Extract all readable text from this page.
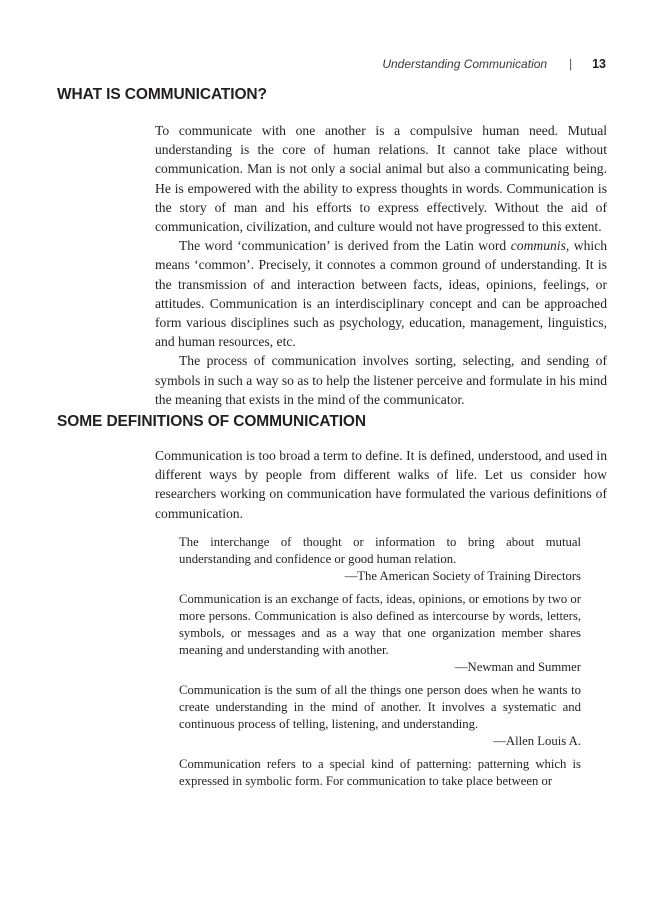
Understanding Communication | 13
WHAT IS COMMUNICATION?

To communicate with one another is a compulsive human need. Mutual understanding is the core of human relations. It cannot take place without communication. Man is not only a social animal but also a communicating being. He is empowered with the ability to express thoughts in words. Communication is the story of man and his efforts to express effectively. Without the aid of communication, civilization, and culture would not have progressed to this extent.

The word ‘communication’ is derived from the Latin word communis, which means ‘common’. Precisely, it connotes a common ground of understanding. It is the transmission of and interaction between facts, ideas, opinions, feelings, or attitudes. Communication is an interdisciplinary concept and can be approached form various disciplines such as psychology, education, management, linguistics, and human resources, etc.

The process of communication involves sorting, selecting, and sending of symbols in such a way so as to help the listener perceive and formulate in his mind the meaning that exists in the mind of the communicator.

SOME DEFINITIONS OF COMMUNICATION

Communication is too broad a term to define. It is defined, understood, and used in different ways by people from different walks of life. Let us consider how researchers working on communication have formulated the various definitions of communication.

The interchange of thought or information to bring about mutual understanding and confidence or good human relation.

—The American Society of Training Directors

Communication is an exchange of facts, ideas, opinions, or emotions by two or more persons. Communication is also defined as intercourse by words, letters, symbols, or messages and as a way that one organization member shares meaning and understanding with another.

—Newman and Summer

Communication is the sum of all the things one person does when he wants to create understanding in the mind of another. It involves a systematic and continuous process of telling, listening, and understanding.

—Allen Louis A.

Communication refers to a special kind of patterning: patterning which is expressed in symbolic form. For communication to take place between or
